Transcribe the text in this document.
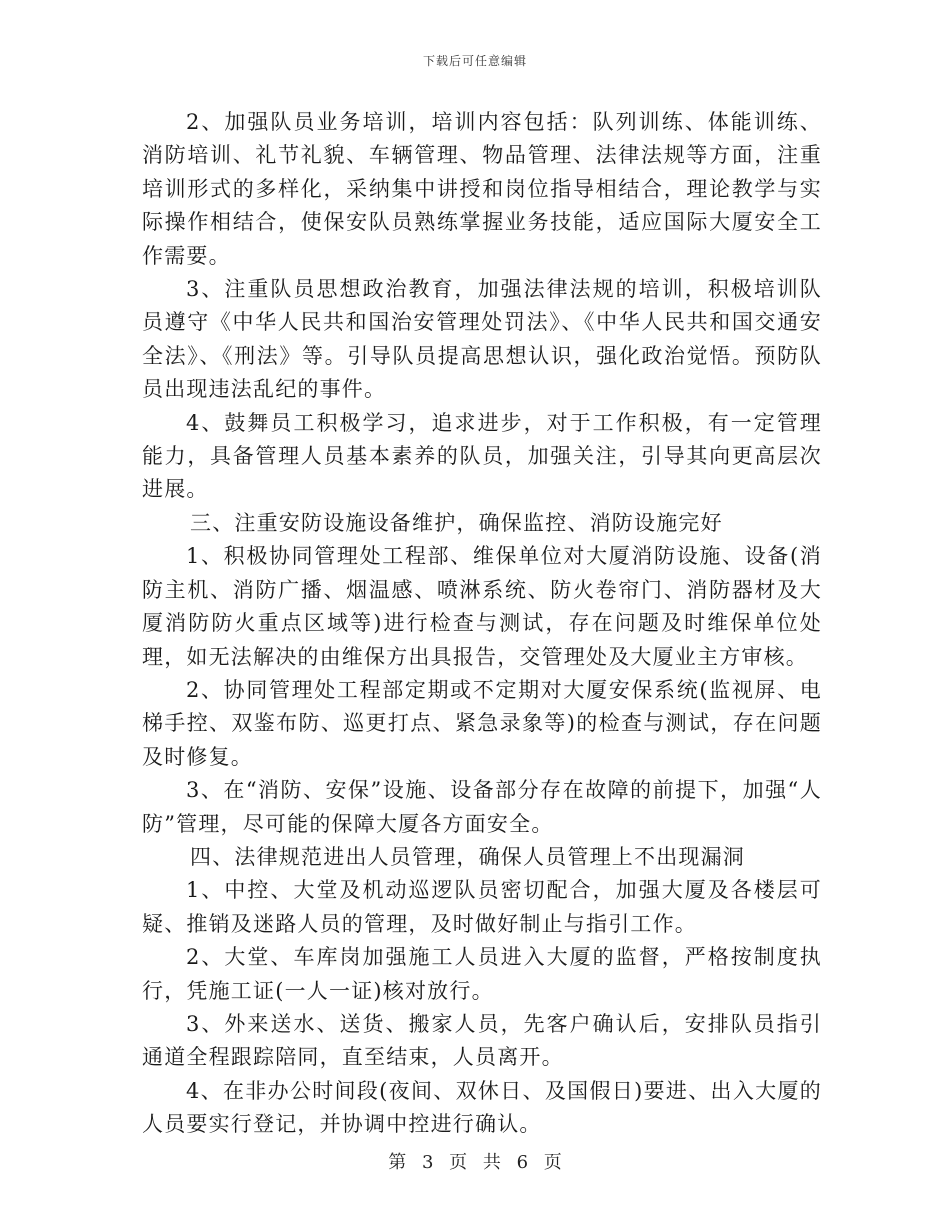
下载后可任意编辑

2、加强队员业务培训，培训内容包括：队列训练、体能训练、消防培训、礼节礼貌、车辆管理、物品管理、法律法规等方面，注重培训形式的多样化，采纳集中讲授和岗位指导相结合，理论教学与实际操作相结合，使保安队员熟练掌握业务技能，适应国际大厦安全工作需要。

3、注重队员思想政治教育，加强法律法规的培训，积极培训队员遵守《中华人民共和国治安管理处罚法》、《中华人民共和国交通安全法》、《刑法》等。引导队员提高思想认识，强化政治觉悟。预防队员出现违法乱纪的事件。

4、鼓舞员工积极学习，追求进步，对于工作积极，有一定管理能力，具备管理人员基本素养的队员，加强关注，引导其向更高层次进展。

三、注重安防设施设备维护，确保监控、消防设施完好

1、积极协同管理处工程部、维保单位对大厦消防设施、设备(消防主机、消防广播、烟温感、喷淋系统、防火卷帘门、消防器材及大厦消防防火重点区域等)进行检查与测试，存在问题及时维保单位处理，如无法解决的由维保方出具报告，交管理处及大厦业主方审核。

2、协同管理处工程部定期或不定期对大厦安保系统(监视屏、电梯手控、双鉴布防、巡更打点、紧急录象等)的检查与测试，存在问题及时修复。

3、在“消防、安保”设施、设备部分存在故障的前提下，加强“人防”管理，尽可能的保障大厦各方面安全。

四、法律规范进出人员管理，确保人员管理上不出现漏洞

1、中控、大堂及机动巡逻队员密切配合，加强大厦及各楼层可疑、推销及迷路人员的管理，及时做好制止与指引工作。

2、大堂、车库岗加强施工人员进入大厦的监督，严格按制度执行，凭施工证(一人一证)核对放行。

3、外来送水、送货、搬家人员，先客户确认后，安排队员指引通道全程跟踪陪同，直至结束，人员离开。

4、在非办公时间段(夜间、双休日、及国假日)要进、出入大厦的人员要实行登记，并协调中控进行确认。

第 3 页 共 6 页
